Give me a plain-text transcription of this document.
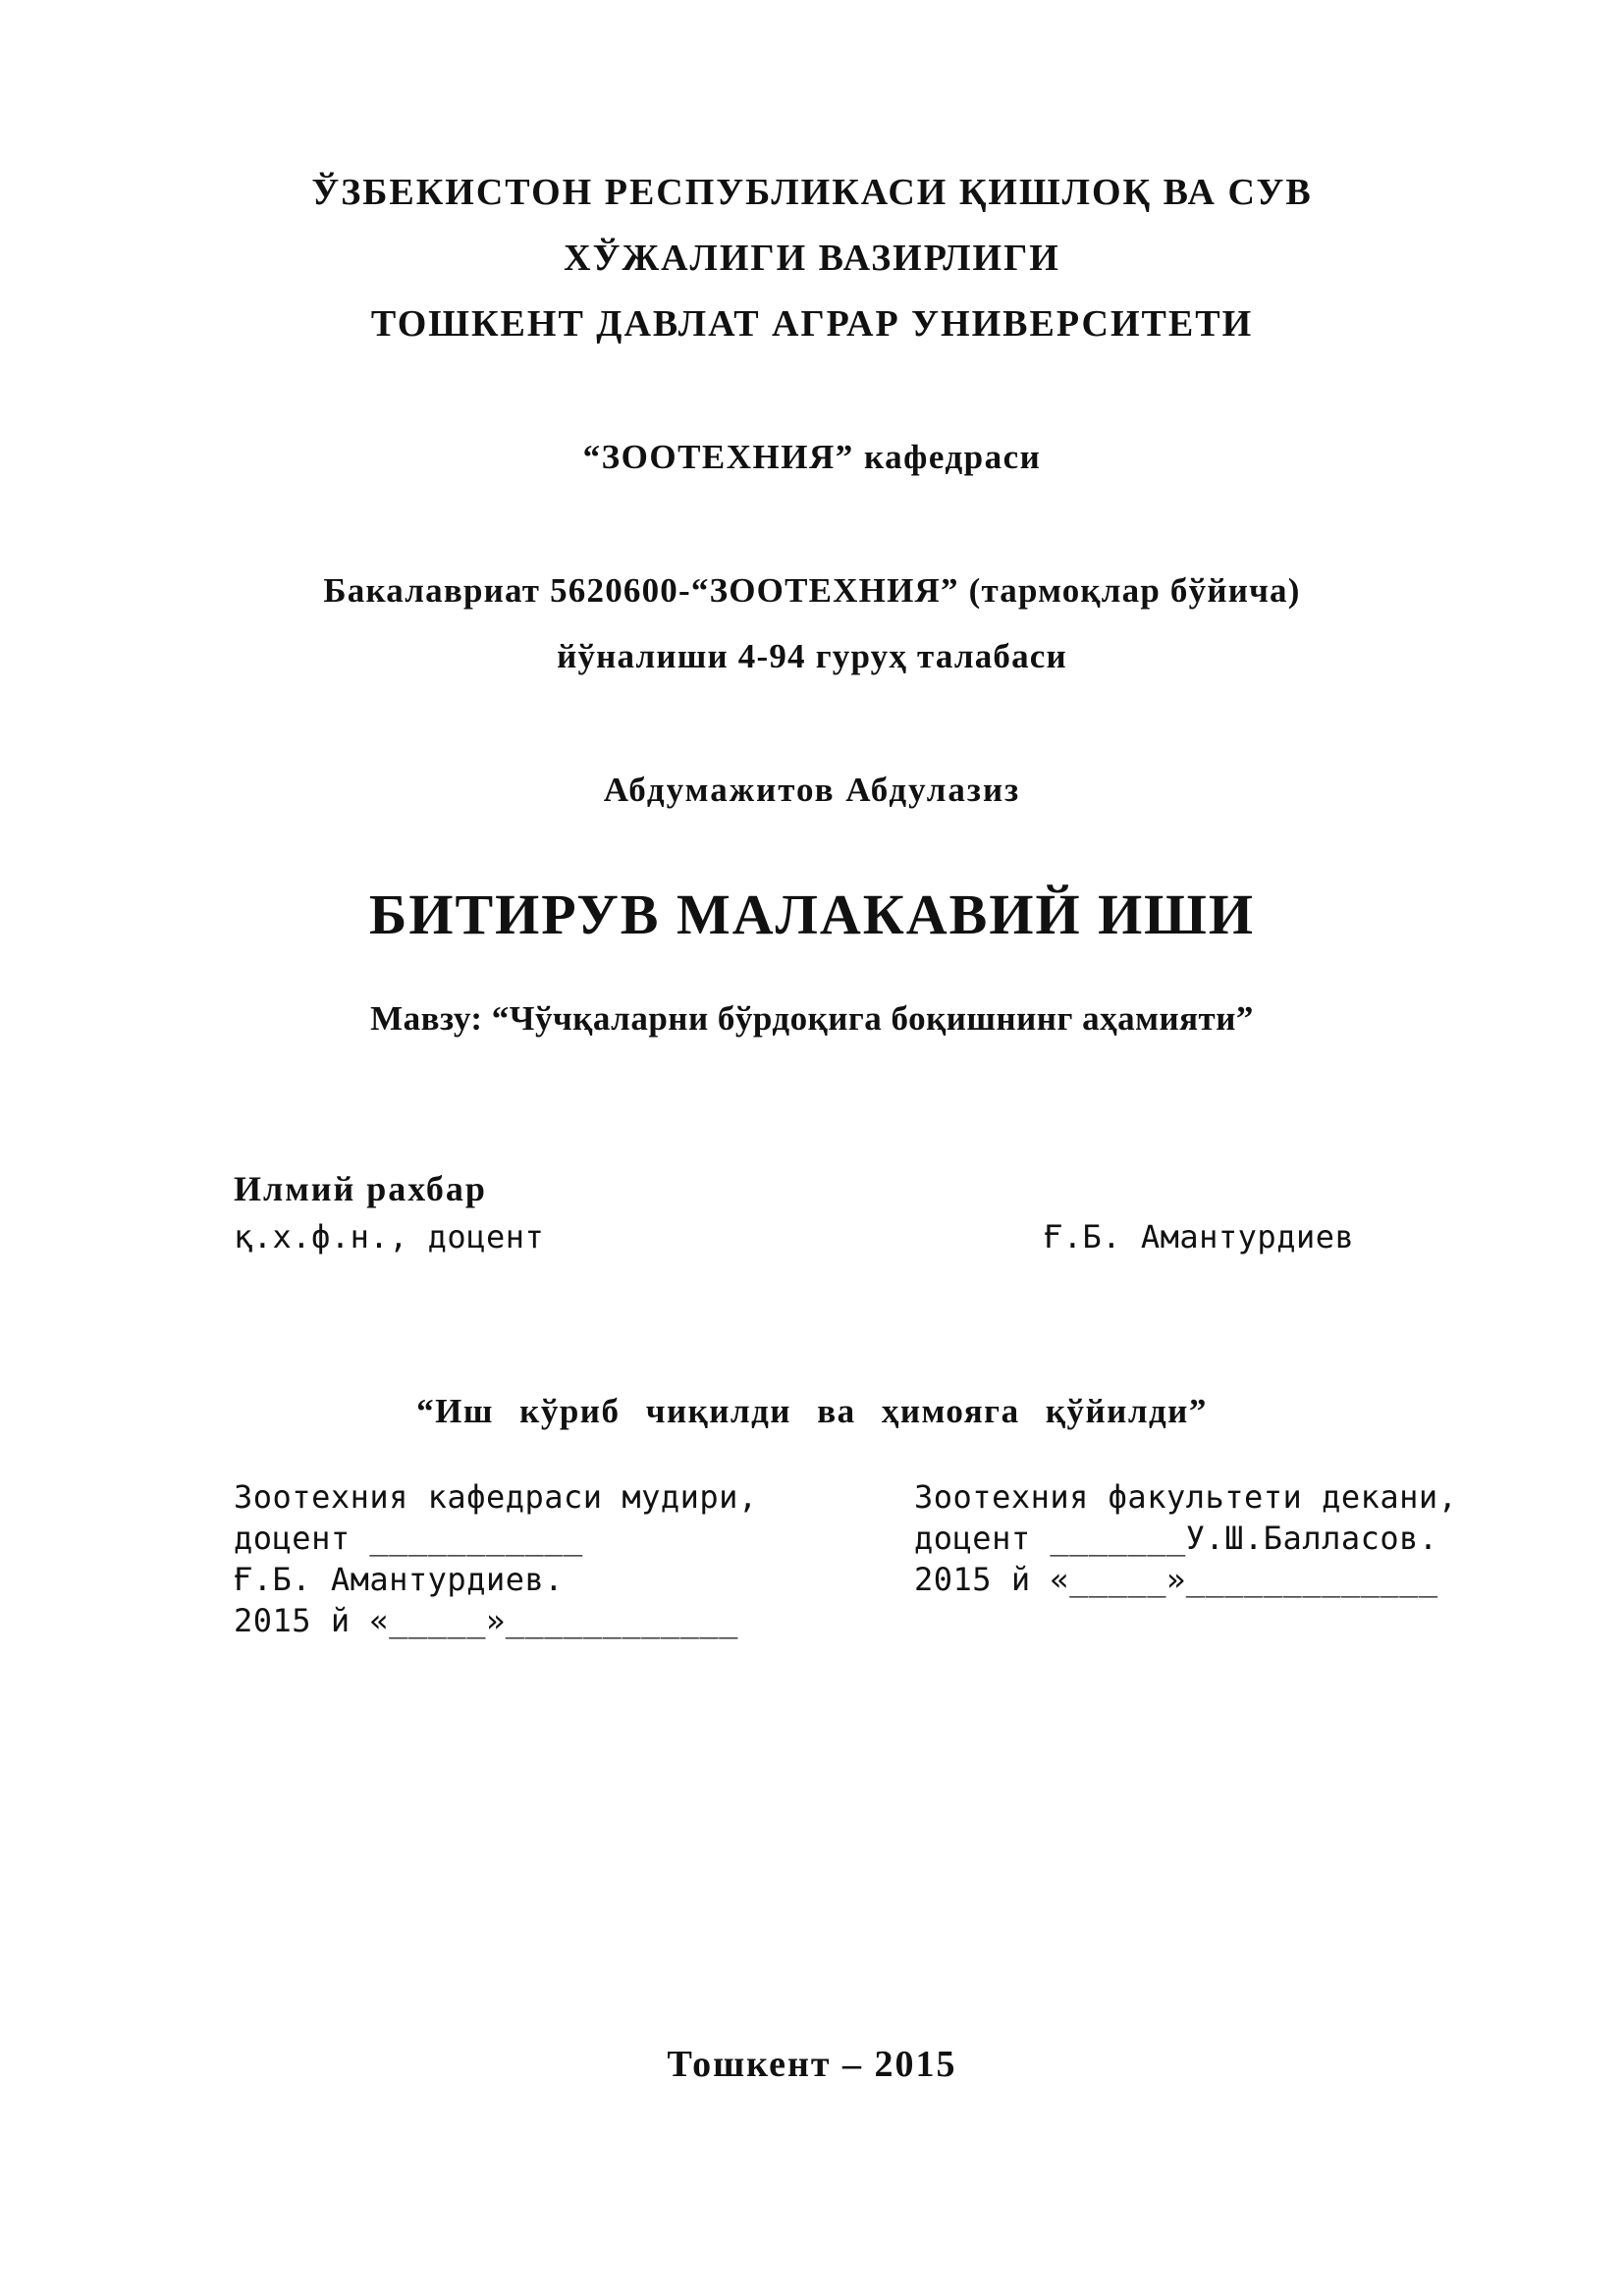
ЎЗБЕКИСТОН РЕСПУБЛИКАСИ ҚИШЛОҚ ВА СУВ
ХЎЖАЛИГИ ВАЗИРЛИГИ
ТОШКЕНТ ДАВЛАТ АГРАР УНИВЕРСИТЕТИ
“ЗООТЕХНИЯ” кафедраси
Бакалавриат 5620600-“ЗООТЕХНИЯ” (тармоқлар бўйича)
йўналиши 4-94 гуруҳ талабаси
Абдумажитов Абдулазиз
БИТИРУВ МАЛАКАВИЙ ИШИ
Мавзу: “Чўчқаларни бўрдоқига боқишнинг аҳамияти”
Илмий рахбар
қ.х.ф.н., доцент	Ғ.Б. Амантурдиев
“Иш кўриб чиқилди ва ҳимояга қўйилди”
Зоотехния кафедраси мудири,
доцент ___________
Ғ.Б. Амантурдиев.
2015 й «_____»____________
Зоотехния факультети декани,
доцент _______У.Ш.Балласов.
2015 й «_____»_____________
Тошкент – 2015
